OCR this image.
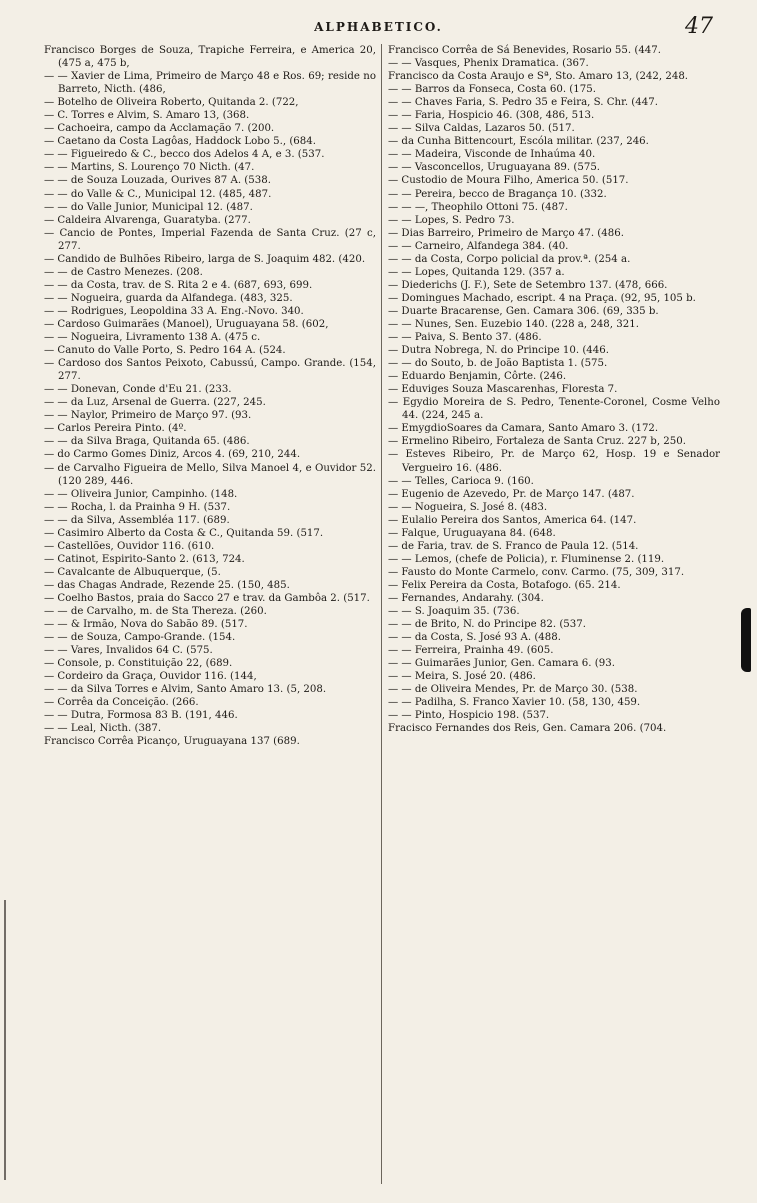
ALPHABETICO.	47

Francisco Borges de Souza, Trapiche Ferreira, e America 20, (475 a, 475 b,

— — Xavier de Lima, Primeiro de Março 48 e Ros. 69; reside no Barreto, Nicth. (486,

— Botelho de Oliveira Roberto, Quitanda 2. (722,

— C. Torres e Alvim, S. Amaro 13, (368.

— Cachoeira, campo da Acclamação 7. (200.

— Caetano da Costa Lagôas, Haddock Lobo 5., (684.

— — Figueiredo & C., becco dos Adelos 4 A, e 3. (537.

— — Martins, S. Lourenço 70 Nicth. (47.

— — de Souza Louzada, Ourives 87 A. (538.

— — do Valle & C., Municipal 12. (485, 487.

— — do Valle Junior, Municipal 12. (487.

— Caldeira Alvarenga, Guaratyba. (277.

— Cancio de Pontes, Imperial Fazenda de Santa Cruz. (27 c, 277.

— Candido de Bulhões Ribeiro, larga de S. Joaquim 482. (420.

— — de Castro Menezes. (208.

— — da Costa, trav. de S. Rita 2 e 4. (687, 693, 699.

— — Nogueira, guarda da Alfandega. (483, 325.

— — Rodrigues, Leopoldina 33 A. Eng.-Novo. 340.

— Cardoso Guimarães (Manoel), Uruguayana 58. (602,

— — Nogueira, Livramento 138 A. (475 c.

— Canuto do Valle Porto, S. Pedro 164 A. (524.

— Cardoso dos Santos Peixoto, Cabussú, Campo. Grande. (154, 277.

— — Donevan, Conde d'Eu 21. (233.

— — da Luz, Arsenal de Guerra. (227, 245.

— — Naylor, Primeiro de Março 97. (93.

— Carlos Pereira Pinto. (4º.

— — da Silva Braga, Quitanda 65. (486.

— do Carmo Gomes Diniz, Arcos 4. (69, 210, 244.

— de Carvalho Figueira de Mello, Silva Manoel 4, e Ouvidor 52. (120 289, 446.

— — Oliveira Junior, Campinho. (148.

— — Rocha, l. da Prainha 9 H. (537.

— — da Silva, Assembléa 117. (689.

— Casimiro Alberto da Costa & C., Quitanda 59. (517.

— Castellões, Ouvidor 116. (610.

— Catinot, Espirito-Santo 2. (613, 724.

— Cavalcante de Albuquerque, (5.

— das Chagas Andrade, Rezende 25. (150, 485.

— Coelho Bastos, praia do Sacco 27 e trav. da Gambôa 2. (517.

— — de Carvalho, m. de Sta Thereza. (260.

— — & Irmão, Nova do Sabão 89. (517.

— — de Souza, Campo-Grande. (154.

— — Vares, Invalidos 64 C. (575.

— Console, p. Constituição 22, (689.

— Cordeiro da Graça, Ouvidor 116. (144,

— — da Silva Torres e Alvim, Santo Amaro 13. (5, 208.

— Corrêa da Conceição. (266.

— — Dutra, Formosa 83 B. (191, 446.

— — Leal, Nicth. (387.

Francisco Corrêa Picanço, Uruguayana 137 (689.

Francisco Corrêa de Sá Benevides, Rosario 55. (447.

— — Vasques, Phenix Dramatica. (367.

Francisco da Costa Araujo e Sª, Sto. Amaro 13, (242, 248.

— — Barros da Fonseca, Costa 60. (175.

— — Chaves Faria, S. Pedro 35 e Feira, S. Chr. (447.

— — Faria, Hospicio 46. (308, 486, 513.

— — Silva Caldas, Lazaros 50. (517.

— da Cunha Bittencourt, Escóla militar. (237, 246.

— — Madeira, Visconde de Inhaúma 40.

— — Vasconcellos, Uruguayana 89. (575.

— Custodio de Moura Filho, America 50. (517.

— — Pereira, becco de Bragança 10. (332.

— — —, Theophilo Ottoni 75. (487.

— — Lopes, S. Pedro 73.

— Dias Barreiro, Primeiro de Março 47. (486.

— — Carneiro, Alfandega 384. (40.

— — da Costa, Corpo policial da prov.ª. (254 a.

— — Lopes, Quitanda 129. (357 a.

— Diederichs (J. F.), Sete de Setembro 137. (478, 666.

— Domingues Machado, escript. 4 na Praça. (92, 95, 105 b.

— Duarte Bracarense, Gen. Camara 306. (69, 335 b.

— — Nunes, Sen. Euzebio 140. (228 a, 248, 321.

— — Paiva, S. Bento 37. (486.

— Dutra Nobrega, N. do Principe 10. (446.

— — do Souto, b. de João Baptista 1. (575.

— Eduardo Benjamin, Côrte. (246.

— Eduviges Souza Mascarenhas, Floresta 7.

— Egydio Moreira de S. Pedro, Tenente-Coronel, Cosme Velho 44. (224, 245 a.

— EmygdioSoares da Camara, Santo Amaro 3. (172.

— Ermelino Ribeiro, Fortaleza de Santa Cruz. 227 b, 250.

— Esteves Ribeiro, Pr. de Março 62, Hosp. 19 e Senador Vergueiro 16. (486.

— — Telles, Carioca 9. (160.

— Eugenio de Azevedo, Pr. de Março 147. (487.

— — Nogueira, S. José 8. (483.

— Eulalio Pereira dos Santos, America 64. (147.

— Falque, Uruguayana 84. (648.

— de Faria, trav. de S. Franco de Paula 12. (514.

— — Lemos, (chefe de Policia), r. Fluminense 2. (119.

— Fausto do Monte Carmelo, conv. Carmo. (75, 309, 317.

— Felix Pereira da Costa, Botafogo. (65. 214.

— Fernandes, Andarahy. (304.

— — S. Joaquim 35. (736.

— — de Brito, N. do Principe 82. (537.

— — da Costa, S. José 93 A. (488.

— — Ferreira, Prainha 49. (605.

— — Guimarães Junior, Gen. Camara 6. (93.

— — Meira, S. José 20. (486.

— — de Oliveira Mendes, Pr. de Março 30. (538.

— — Padilha, S. Franco Xavier 10. (58, 130, 459.

— — Pinto, Hospicio 198. (537.

Fracisco Fernandes dos Reis, Gen. Camara 206. (704.
